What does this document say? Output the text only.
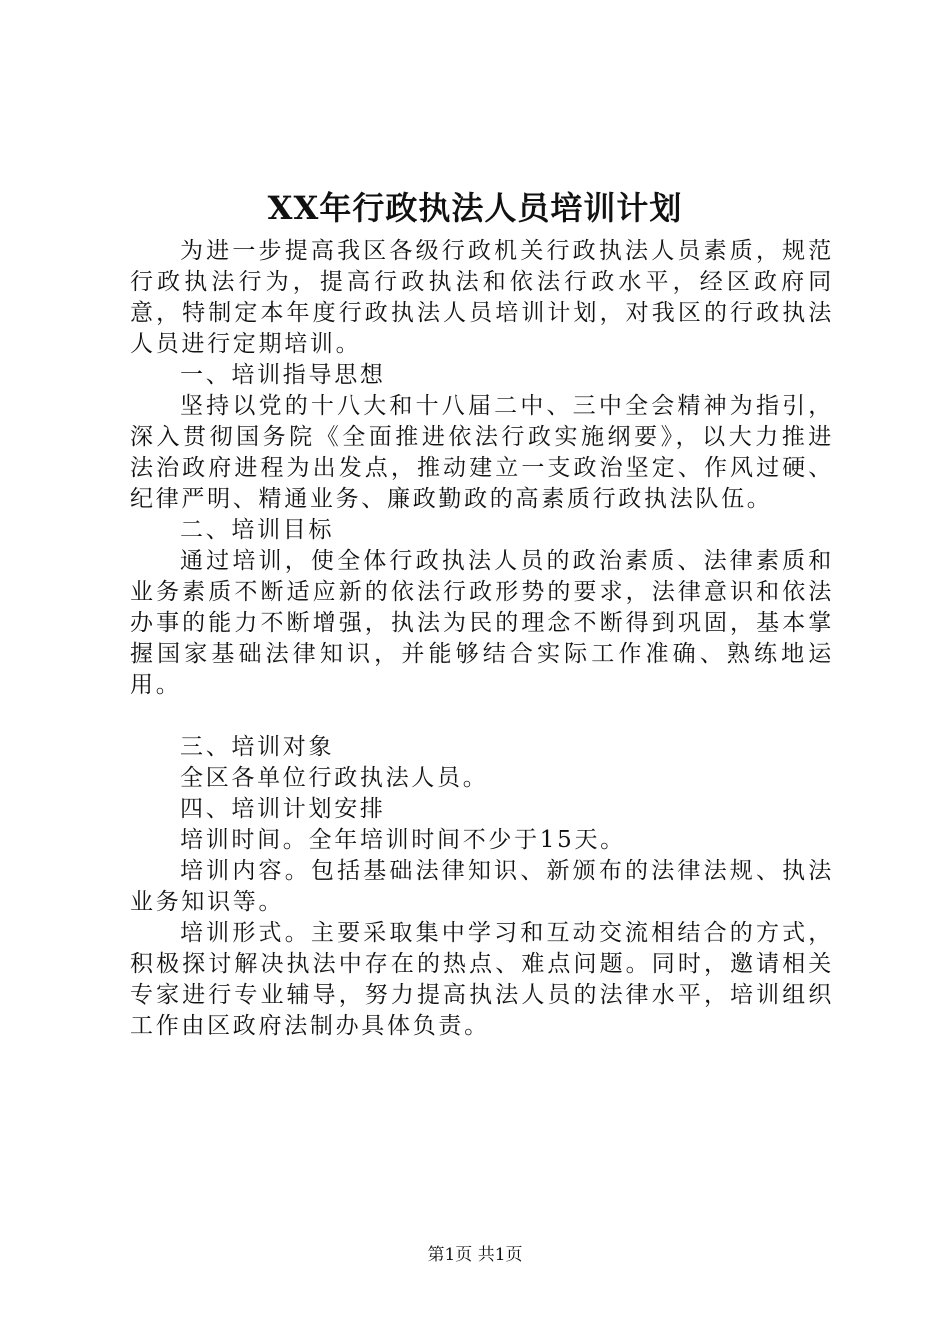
XX年行政执法人员培训计划

为进一步提高我区各级行政机关行政执法人员素质，规范行政执法行为，提高行政执法和依法行政水平，经区政府同意，特制定本年度行政执法人员培训计划，对我区的行政执法人员进行定期培训。

一、培训指导思想

坚持以党的十八大和十八届二中、三中全会精神为指引，深入贯彻国务院《全面推进依法行政实施纲要》，以大力推进法治政府进程为出发点，推动建立一支政治坚定、作风过硬、纪律严明、精通业务、廉政勤政的高素质行政执法队伍。

二、培训目标

通过培训，使全体行政执法人员的政治素质、法律素质和业务素质不断适应新的依法行政形势的要求，法律意识和依法办事的能力不断增强，执法为民的理念不断得到巩固，基本掌握国家基础法律知识，并能够结合实际工作准确、熟练地运用。

三、培训对象

全区各单位行政执法人员。

四、培训计划安排

培训时间。全年培训时间不少于15天。

培训内容。包括基础法律知识、新颁布的法律法规、执法业务知识等。

培训形式。主要采取集中学习和互动交流相结合的方式，积极探讨解决执法中存在的热点、难点问题。同时，邀请相关专家进行专业辅导，努力提高执法人员的法律水平，培训组织工作由区政府法制办具体负责。

第1页 共1页
